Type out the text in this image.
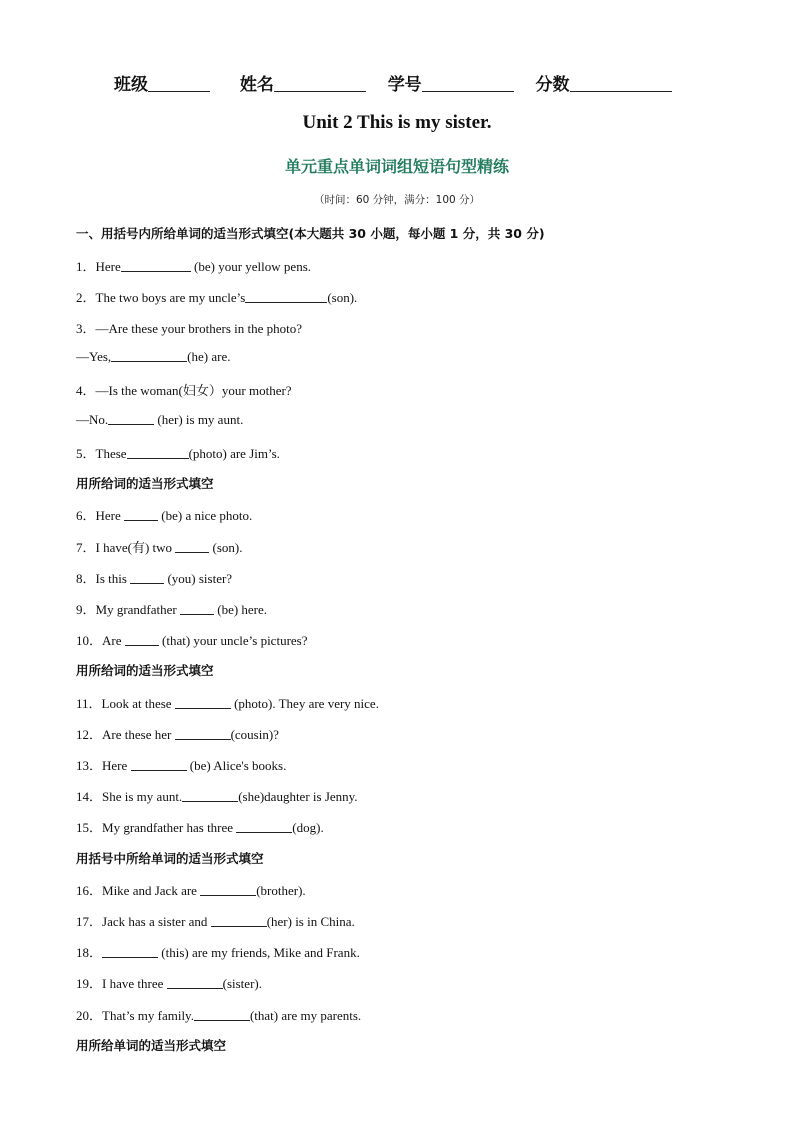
班级	姓名	学号	分数
Unit 2 This is my sister.
单元重点单词词组短语句型精练
（时间：60 分钟，满分：100 分）
一、用括号内所给单词的适当形式填空(本大题共 30 小题，每小题 1 分，共 30 分)
1．Here	(be) your yellow pens.
2．The two boys are my uncle’s	(son).
3．—Are these your brothers in the photo?
—Yes,	(he) are.
4．—Is the woman(妇女）your mother?
—No.	(her) is my aunt.
5．These	(photo) are Jim’s.
用所给词的适当形式填空
6．Here	(be) a nice photo.
7．I have(有) two	(son).
8．Is this	(you) sister?
9．My grandfather	(be) here.
10．Are	(that) your uncle’s pictures?
用所给词的适当形式填空
11．Look at these	(photo). They are very nice.
12．Are these her	(cousin)?
13．Here	(be) Alice's books.
14．She is my aunt.	(she)daughter is Jenny.
15．My grandfather has three	(dog).
用括号中所给单词的适当形式填空
16．Mike and Jack are	(brother).
17．Jack has a sister and	(her) is in China.
18．	(this) are my friends, Mike and Frank.
19．I have three	(sister).
20．That’s my family.	(that) are my parents.
用所给单词的适当形式填空
